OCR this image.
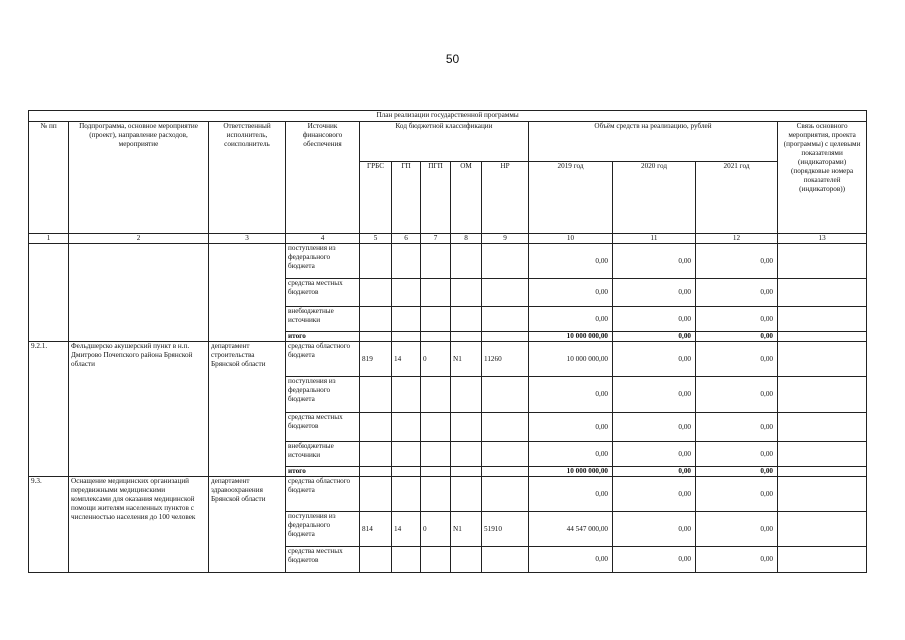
50
План реализации государственной программы												
№ пп	Подпрограмма, основное мероприятие (проект), направление расходов, мероприятие	Ответственный исполнитель, соисполнитель	Источник финансового обеспечения	Код бюджетной классификации					Объём средств на реализацию, рублей			Связь основного мероприятия, проекта (программы) с целевыми показателями (индикаторами) (порядковые номера показателей (индикаторов))
				ГРБС	ГП	ПГП	ОМ	НР	2019 год	2020 год	2021 год	
1	2	3	4	5	6	7	8	9	10	11	12	13
			поступления из федерального бюджета						0,00	0,00	0,00	
			средства местных бюджетов						0,00	0,00	0,00	
			внебюджетные источники						0,00	0,00	0,00	
			итого						10 000 000,00	0,00	0,00	
9.2.1.	Фельдшерско акушерский пункт в н.п. Дмитрово Почепского района Брянской области	департамент строительства Брянской области	средства областного бюджета	819	14	0	N1	11260	10 000 000,00	0,00	0,00	
			поступления из федерального бюджета						0,00	0,00	0,00	
			средства местных бюджетов						0,00	0,00	0,00	
			внебюджетные источники						0,00	0,00	0,00	
			итого						10 000 000,00	0,00	0,00	
9.3.	Оснащение медицинских организаций передвижными медицинскими комплексами для оказания медицинской помощи жителям населенных пунктов с численностью населения до 100 человек	департамент здравоохранения Брянской области	средства областного бюджета						0,00	0,00	0,00	
			поступления из федерального бюджета	814	14	0	N1	51910	44 547 000,00	0,00	0,00	
			средства местных бюджетов						0,00	0,00	0,00	
